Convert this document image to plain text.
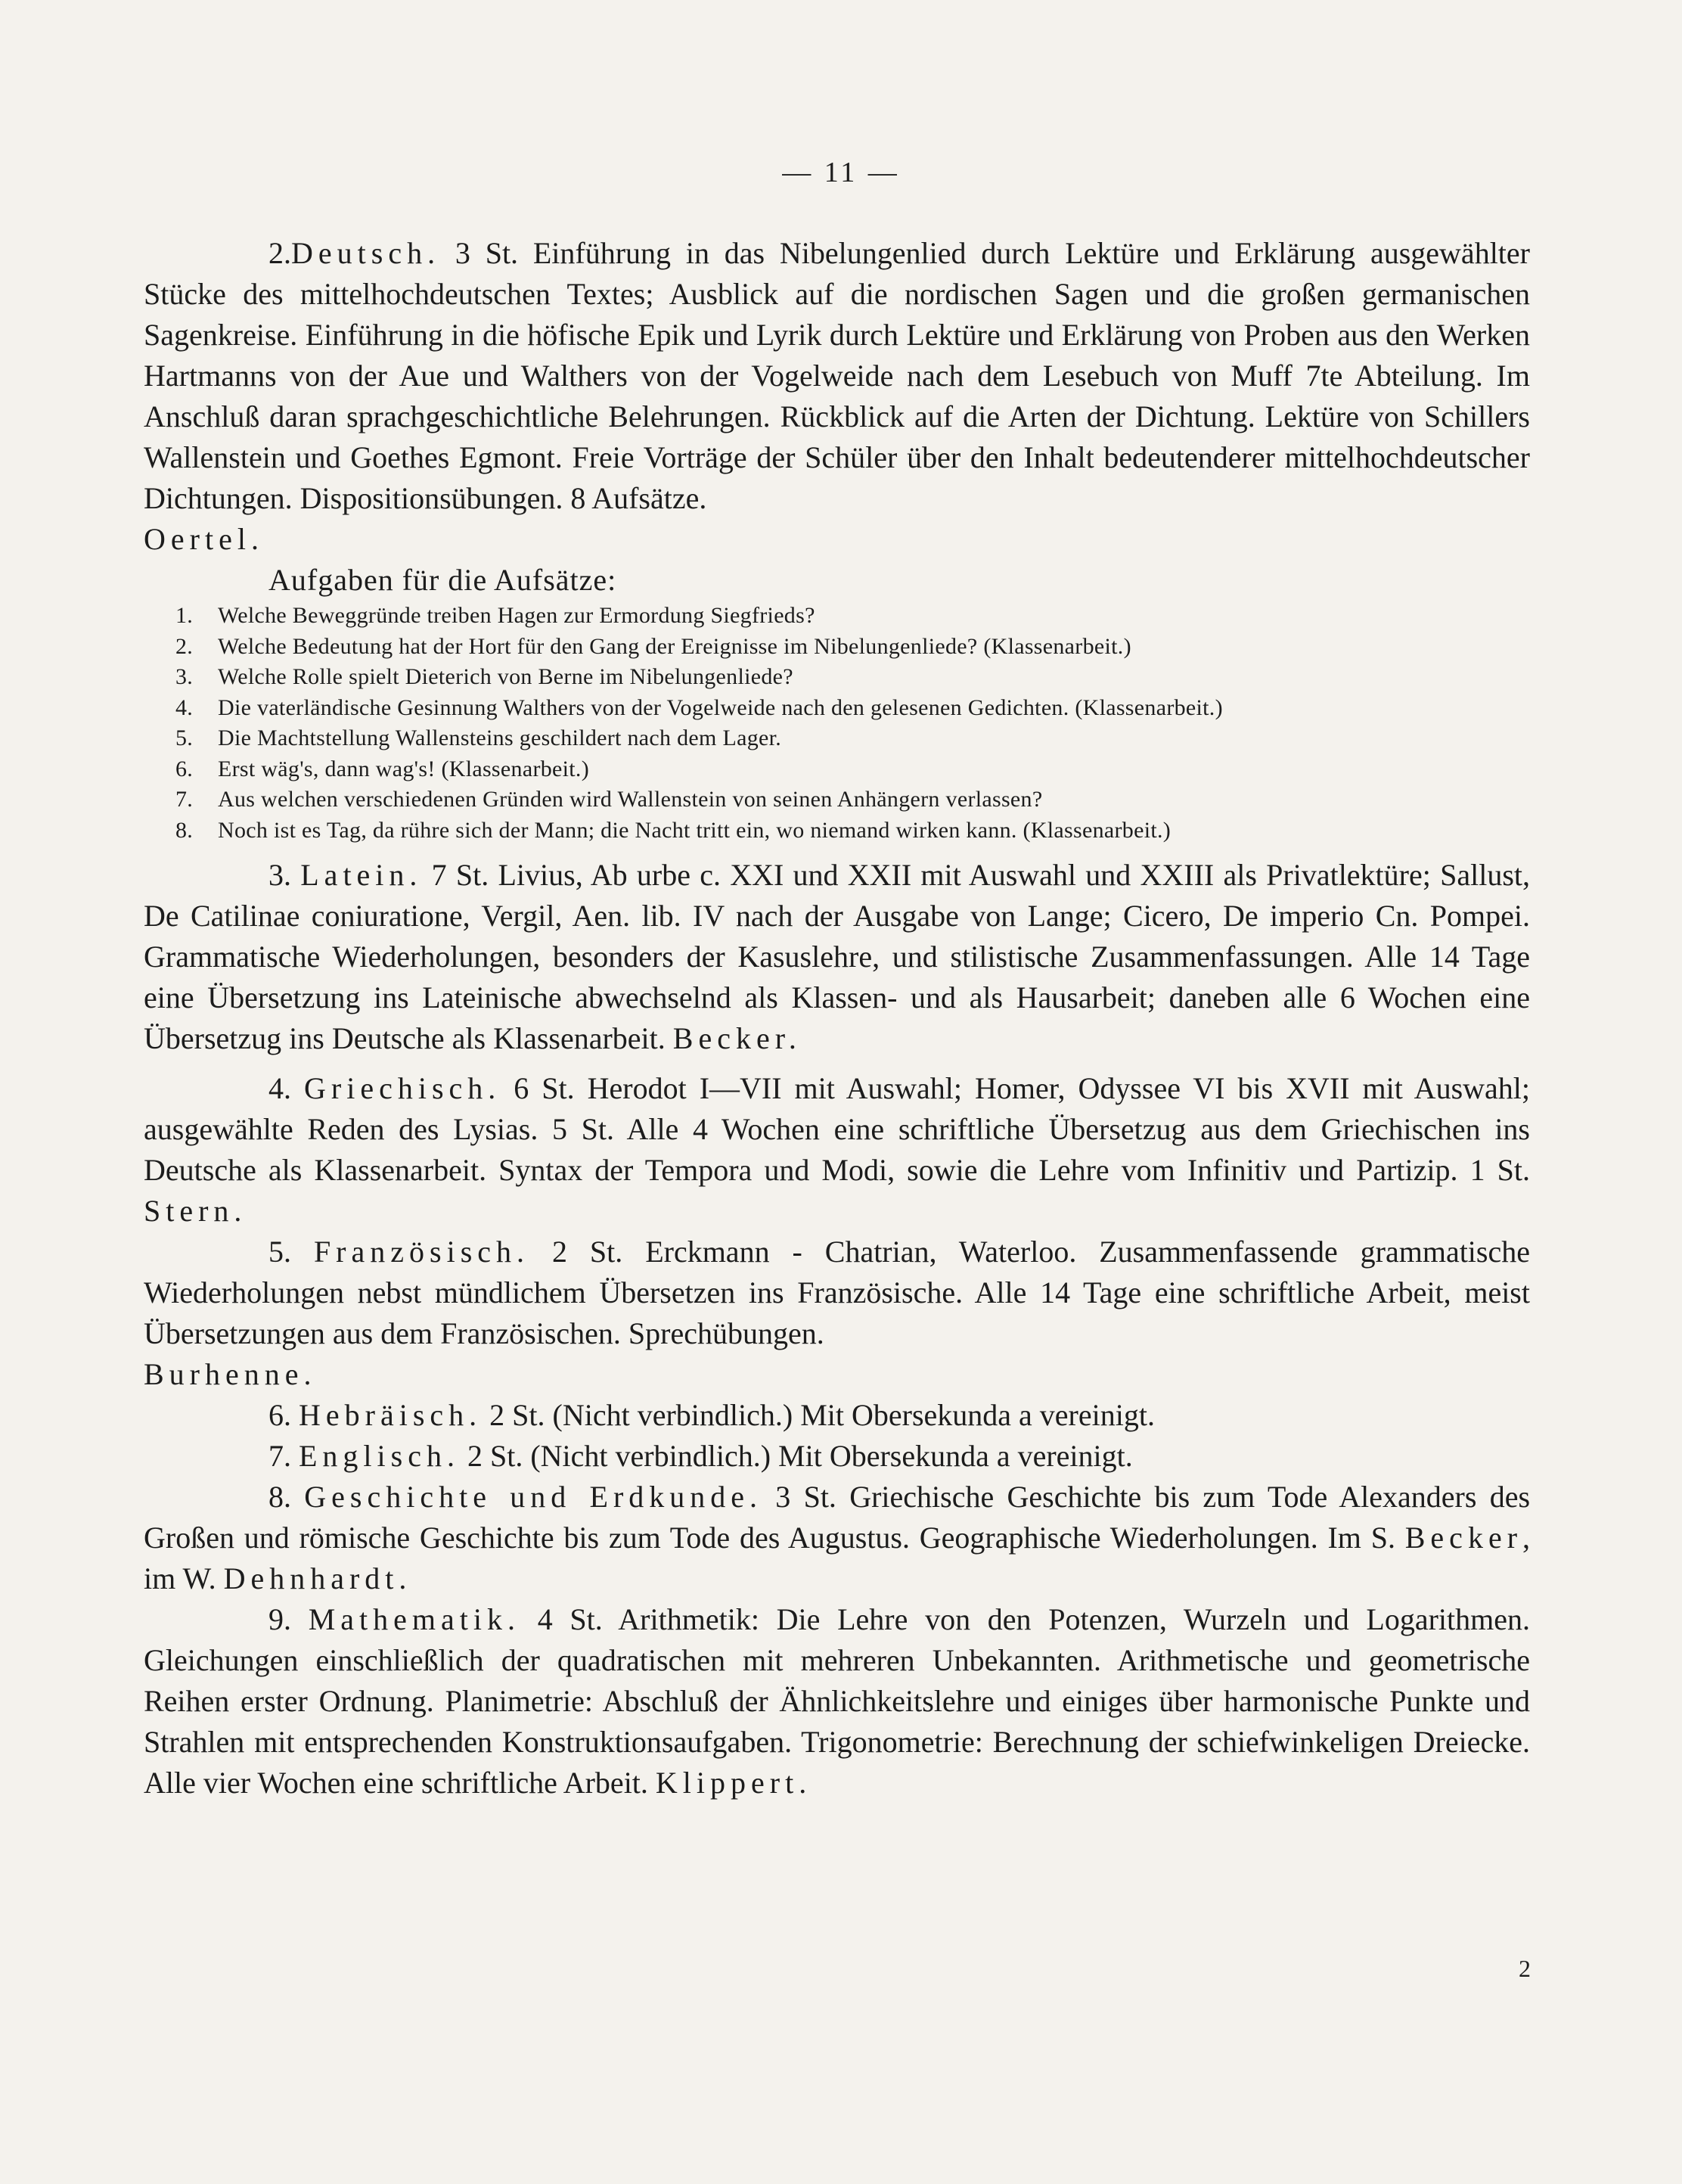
— 11 —

2.Deutsch. 3 St. Einführung in das Nibelungenlied durch Lektüre und Erklärung ausgewählter Stücke des mittelhochdeutschen Textes; Ausblick auf die nordischen Sagen und die großen germanischen Sagenkreise. Einführung in die höfische Epik und Lyrik durch Lektüre und Erklärung von Proben aus den Werken Hartmanns von der Aue und Walthers von der Vogelweide nach dem Lesebuch von Muff 7te Abteilung. Im Anschluß daran sprachgeschichtliche Belehrungen. Rückblick auf die Arten der Dichtung. Lektüre von Schillers Wallenstein und Goethes Egmont. Freie Vorträge der Schüler über den Inhalt bedeutenderer mittelhochdeutscher Dichtungen. Dispositionsübungen. 8 Aufsätze.

Oertel.

Aufgaben für die Aufsätze:

1. Welche Beweggründe treiben Hagen zur Ermordung Siegfrieds?
2. Welche Bedeutung hat der Hort für den Gang der Ereignisse im Nibelungenliede? (Klassenarbeit.)
3. Welche Rolle spielt Dieterich von Berne im Nibelungenliede?
4. Die vaterländische Gesinnung Walthers von der Vogelweide nach den gelesenen Gedichten. (Klassenarbeit.)
5. Die Machtstellung Wallensteins geschildert nach dem Lager.
6. Erst wäg's, dann wag's! (Klassenarbeit.)
7. Aus welchen verschiedenen Gründen wird Wallenstein von seinen Anhängern verlassen?
8. Noch ist es Tag, da rühre sich der Mann; die Nacht tritt ein, wo niemand wirken kann. (Klassenarbeit.)

3. Latein. 7 St. Livius, Ab urbe c. XXI und XXII mit Auswahl und XXIII als Privatlektüre; Sallust, De Catilinae coniuratione, Vergil, Aen. lib. IV nach der Ausgabe von Lange; Cicero, De imperio Cn. Pompei. Grammatische Wiederholungen, besonders der Kasuslehre, und stilistische Zusammenfassungen. Alle 14 Tage eine Übersetzung ins Lateinische abwechselnd als Klassen- und als Hausarbeit; daneben alle 6 Wochen eine Übersetzug ins Deutsche als Klassenarbeit. Becker.

4. Griechisch. 6 St. Herodot I—VII mit Auswahl; Homer, Odyssee VI bis XVII mit Auswahl; ausgewählte Reden des Lysias. 5 St. Alle 4 Wochen eine schriftliche Übersetzug aus dem Griechischen ins Deutsche als Klassenarbeit. Syntax der Tempora und Modi, sowie die Lehre vom Infinitiv und Partizip. 1 St. Stern.

5. Französisch. 2 St. Erckmann - Chatrian, Waterloo. Zusammenfassende grammatische Wiederholungen nebst mündlichem Übersetzen ins Französische. Alle 14 Tage eine schriftliche Arbeit, meist Übersetzungen aus dem Französischen. Sprechübungen.

Burhenne.

6. Hebräisch. 2 St. (Nicht verbindlich.) Mit Obersekunda a vereinigt.

7. Englisch. 2 St. (Nicht verbindlich.) Mit Obersekunda a vereinigt.

8. Geschichte und Erdkunde. 3 St. Griechische Geschichte bis zum Tode Alexanders des Großen und römische Geschichte bis zum Tode des Augustus. Geographische Wiederholungen. Im S. Becker, im W. Dehnhardt.

9. Mathematik. 4 St. Arithmetik: Die Lehre von den Potenzen, Wurzeln und Logarithmen. Gleichungen einschließlich der quadratischen mit mehreren Unbekannten. Arithmetische und geometrische Reihen erster Ordnung. Planimetrie: Abschluß der Ähnlichkeitslehre und einiges über harmonische Punkte und Strahlen mit entsprechenden Konstruktionsaufgaben. Trigonometrie: Berechnung der schiefwinkeligen Dreiecke. Alle vier Wochen eine schriftliche Arbeit. Klippert.

2
